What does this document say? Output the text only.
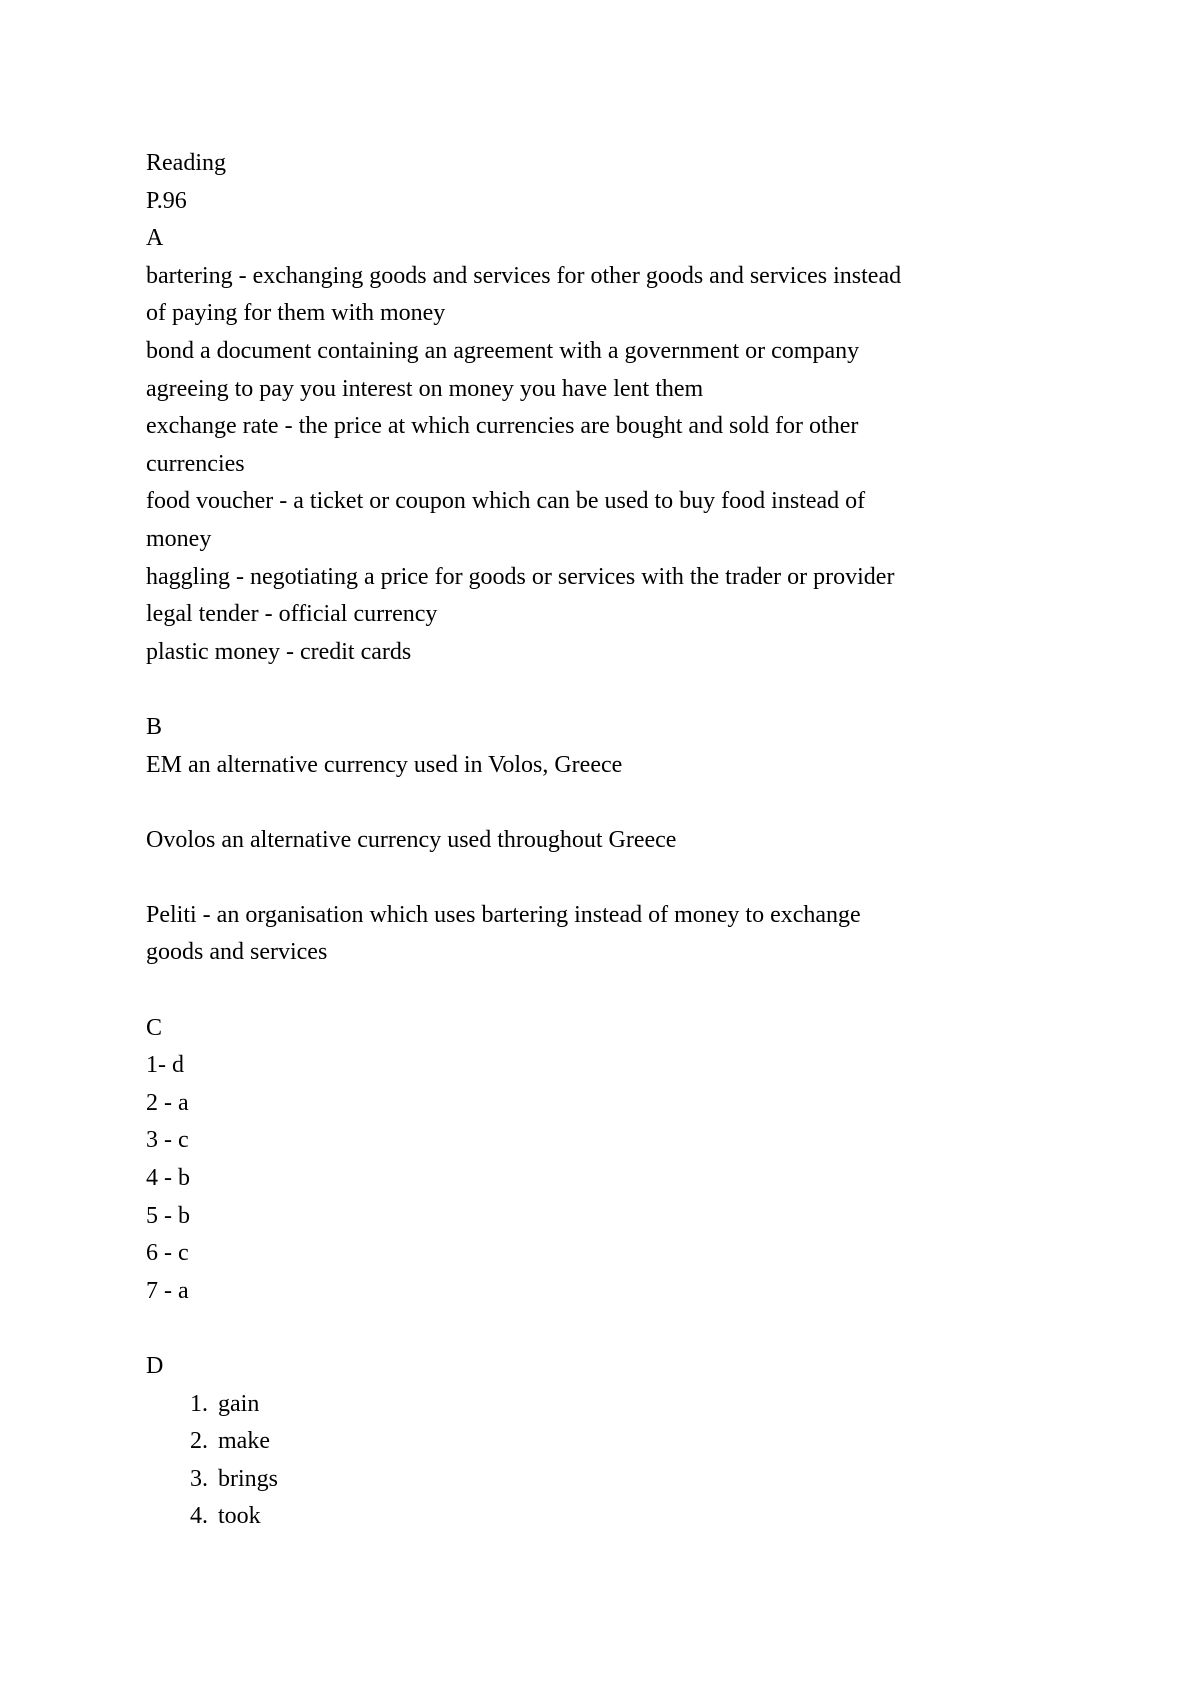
Reading
P.96
A
bartering - exchanging goods and services for other goods and services instead
of paying for them with money
bond a document containing an agreement with a government or company
agreeing to pay you interest on money you have lent them
exchange rate - the price at which currencies are bought and sold for other
currencies
food voucher - a ticket or coupon which can be used to buy food instead of
money
haggling - negotiating a price for goods or services with the trader or provider
legal tender - official currency
plastic money - credit cards
B
EM an alternative currency used in Volos, Greece
Ovolos an alternative currency used throughout Greece
Peliti - an organisation which uses bartering instead of money to exchange
goods and services
C
1- d
2 - a
3 - c
4 - b
5 - b
6 - c
7 - a
D
1. gain
2. make
3. brings
4. took
